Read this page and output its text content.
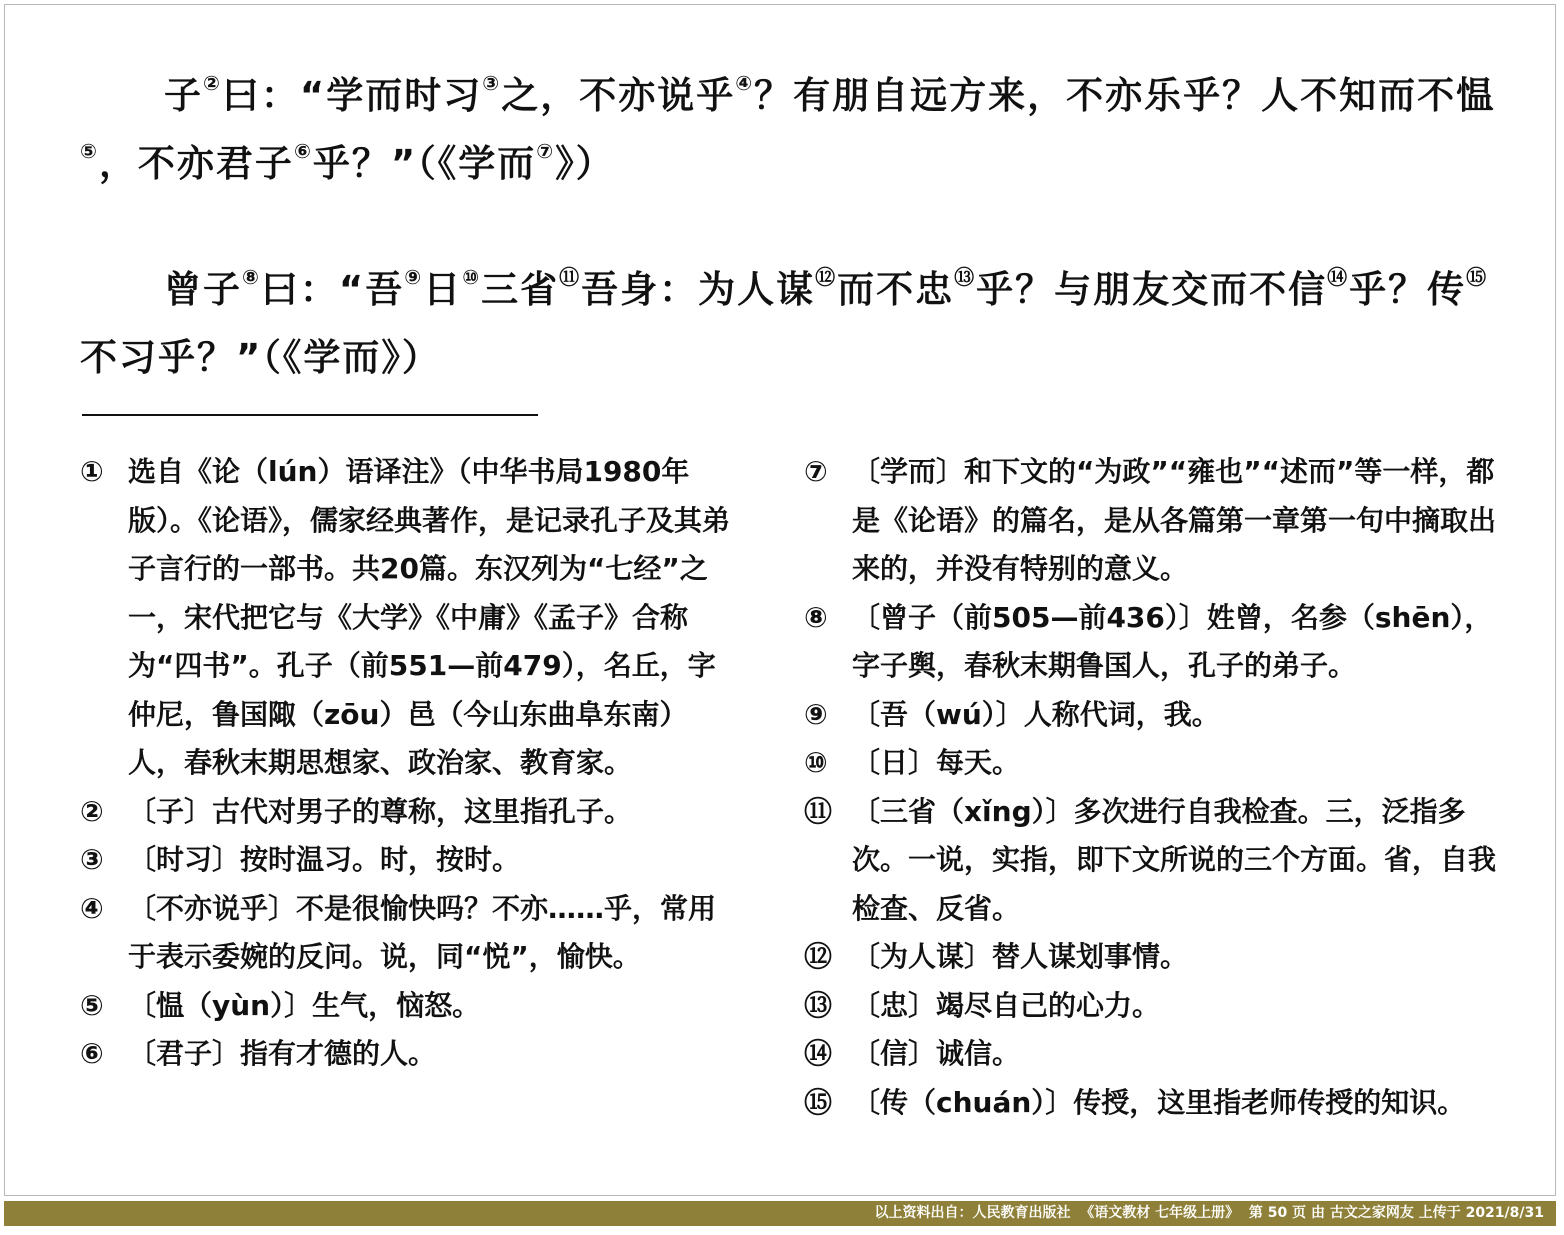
子②曰：“学而时习③之，不亦说乎④？有朋自远方来，不亦乐乎？人不知而不愠⑤，不亦君子⑥乎？”（《学而⑦》）
曾子⑧曰：“吾⑨日⑩三省⑪吾身：为人谋⑫而不忠⑬乎？与朋友交而不信⑭乎？传⑮不习乎？”（《学而》）
① 选自《论（lún）语译注》（中华书局1980年版）。《论语》，儒家经典著作，是记录孔子及其弟子言行的一部书。共20篇。东汉列为“七经”之一，宋代把它与《大学》《中庸》《孟子》合称为“四书”。孔子（前551—前479），名丘，字仲尼，鲁国陬（zōu）邑（今山东曲阜东南）人，春秋末期思想家、政治家、教育家。
② 〔子〕古代对男子的尊称，这里指孔子。
③ 〔时习〕按时温习。时，按时。
④ 〔不亦说乎〕不是很愉快吗？不亦……乎，常用于表示委婉的反问。说，同“悦”，愉快。
⑤ 〔愠（yùn）〕生气，恼怒。
⑥ 〔君子〕指有才德的人。
⑦ 〔学而〕和下文的“为政”“雍也”“述而”等一样，都是《论语》的篇名，是从各篇第一章第一句中摘取出来的，并没有特别的意义。
⑧ 〔曾子（前505—前436）〕姓曾，名参（shēn），字子舆，春秋末期鲁国人，孔子的弟子。
⑨ 〔吾（wú）〕人称代词，我。
⑩ 〔日〕每天。
⑪ 〔三省（xǐng）〕多次进行自我检查。三，泛指多次。一说，实指，即下文所说的三个方面。省，自我检查、反省。
⑫ 〔为人谋〕替人谋划事情。
⑬ 〔忠〕竭尽自己的心力。
⑭ 〔信〕诚信。
⑮ 〔传（chuán）〕传授，这里指老师传授的知识。
以上资料出自：人民教育出版社  《语文教材 七年级上册》  第 50 页 由 古文之家网友 上传于 2021/8/31
